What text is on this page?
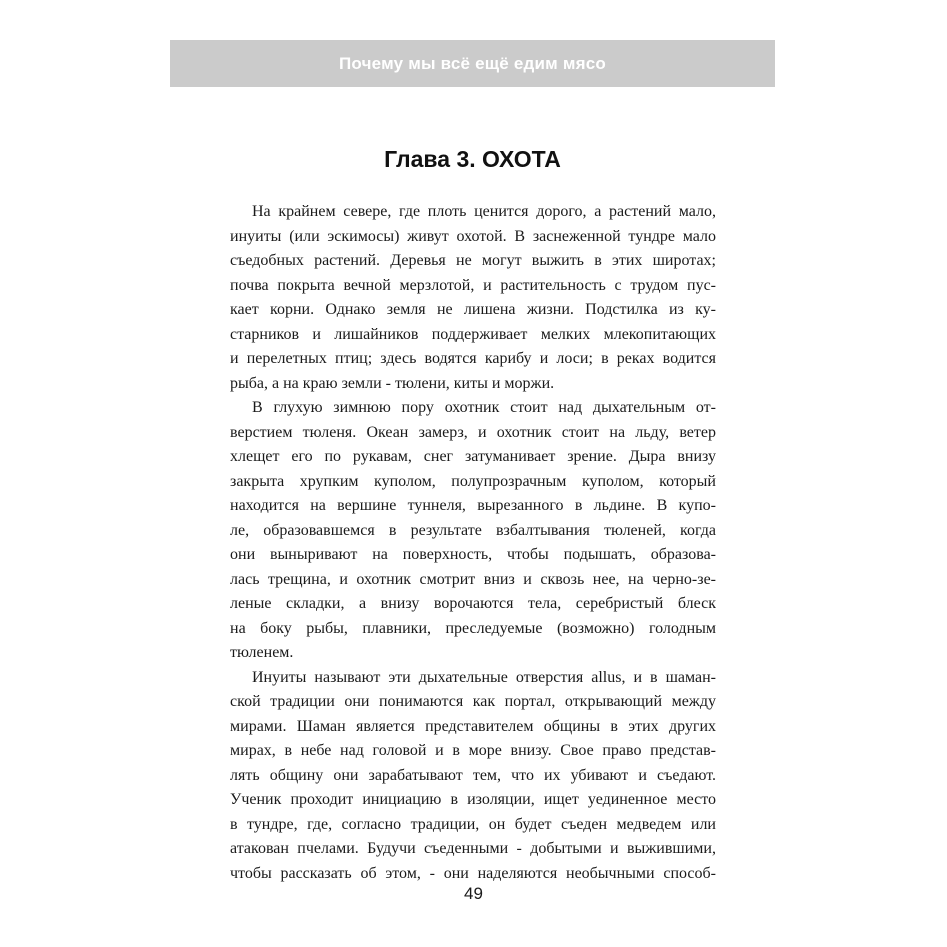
Почему мы всё ещё едим мясо
Глава 3. ОХОТА
На крайнем севере, где плоть ценится дорого, а растений мало,
инуиты (или эскимосы) живут охотой. В заснеженной тундре мало
съедобных растений. Деревья не могут выжить в этих широтах;
почва покрыта вечной мерзлотой, и растительность с трудом пус-
кает корни. Однако земля не лишена жизни. Подстилка из ку-
старников и лишайников поддерживает мелких млекопитающих
и перелетных птиц; здесь водятся карибу и лоси; в реках водится
рыба, а на краю земли - тюлени, киты и моржи.
В глухую зимнюю пору охотник стоит над дыхательным от-
верстием тюленя. Океан замерз, и охотник стоит на льду, ветер
хлещет его по рукавам, снег затуманивает зрение. Дыра внизу
закрыта хрупким куполом, полупрозрачным куполом, который
находится на вершине туннеля, вырезанного в льдине. В купо-
ле, образовавшемся в результате взбалтывания тюленей, когда
они выныривают на поверхность, чтобы подышать, образова-
лась трещина, и охотник смотрит вниз и сквозь нее, на черно-зе-
леные складки, а внизу ворочаются тела, серебристый блеск
на боку рыбы, плавники, преследуемые (возможно) голодным
тюленем.
Инуиты называют эти дыхательные отверстия allus, и в шаман-
ской традиции они понимаются как портал, открывающий между
мирами. Шаман является представителем общины в этих других
мирах, в небе над головой и в море внизу. Свое право представ-
лять общину они зарабатывают тем, что их убивают и съедают.
Ученик проходит инициацию в изоляции, ищет уединенное место
в тундре, где, согласно традиции, он будет съеден медведем или
атакован пчелами. Будучи съеденными - добытыми и выжившими,
чтобы рассказать об этом, - они наделяются необычными способ-
49
